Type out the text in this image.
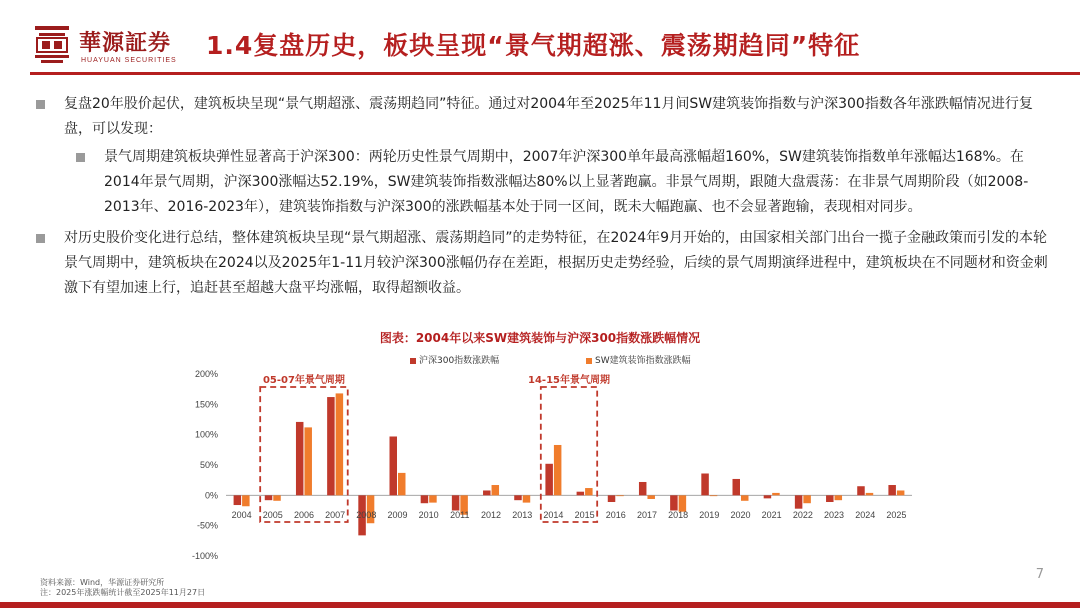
華源証券
HUAYUAN SECURITIES
1.4复盘历史，板块呈现“景气期超涨、震荡期趋同”特征
复盘20年股价起伏，建筑板块呈现“景气期超涨、震荡期趋同”特征。通过对2004年至2025年11月间SW建筑装饰指数与沪深300指数各年涨跌幅情况进行复盘，可以发现：
景气周期建筑板块弹性显著高于沪深300：两轮历史性景气周期中，2007年沪深300单年最高涨幅超160%，SW建筑装饰指数单年涨幅达168%。在2014年景气周期，沪深300涨幅达52.19%，SW建筑装饰指数涨幅达80%以上显著跑赢。非景气周期，跟随大盘震荡：在非景气周期阶段（如2008-2013年、2016-2023年），建筑装饰指数与沪深300的涨跌幅基本处于同一区间，既未大幅跑赢、也不会显著跑输，表现相对同步。
对历史股价变化进行总结，整体建筑板块呈现“景气期超涨、震荡期趋同”的走势特征，在2024年9月开始的，由国家相关部门出台一揽子金融政策而引发的本轮景气周期中，建筑板块在2024以及2025年1-11月较沪深300涨幅仍存在差距，根据历史走势经验，后续的景气周期演绎进程中，建筑板块在不同题材和资金刺激下有望加速上行，追赶甚至超越大盘平均涨幅，取得超额收益。
图表：2004年以来SW建筑装饰与沪深300指数涨跌幅情况
沪深300指数涨跌幅	SW建筑装饰指数涨跌幅
-100%
-50%
0%
50%
100%
150%
200%
2004 2005 2006 2007 2008 2009 2010 2011 2012 2013 2014 2015 2016 2017 2018 2019 2020 2021 2022 2023 2024 2025
05-07年景气周期	14-15年景气周期
资料来源：Wind，华源证券研究所
注：2025年涨跌幅统计截至2025年11月27日
7
